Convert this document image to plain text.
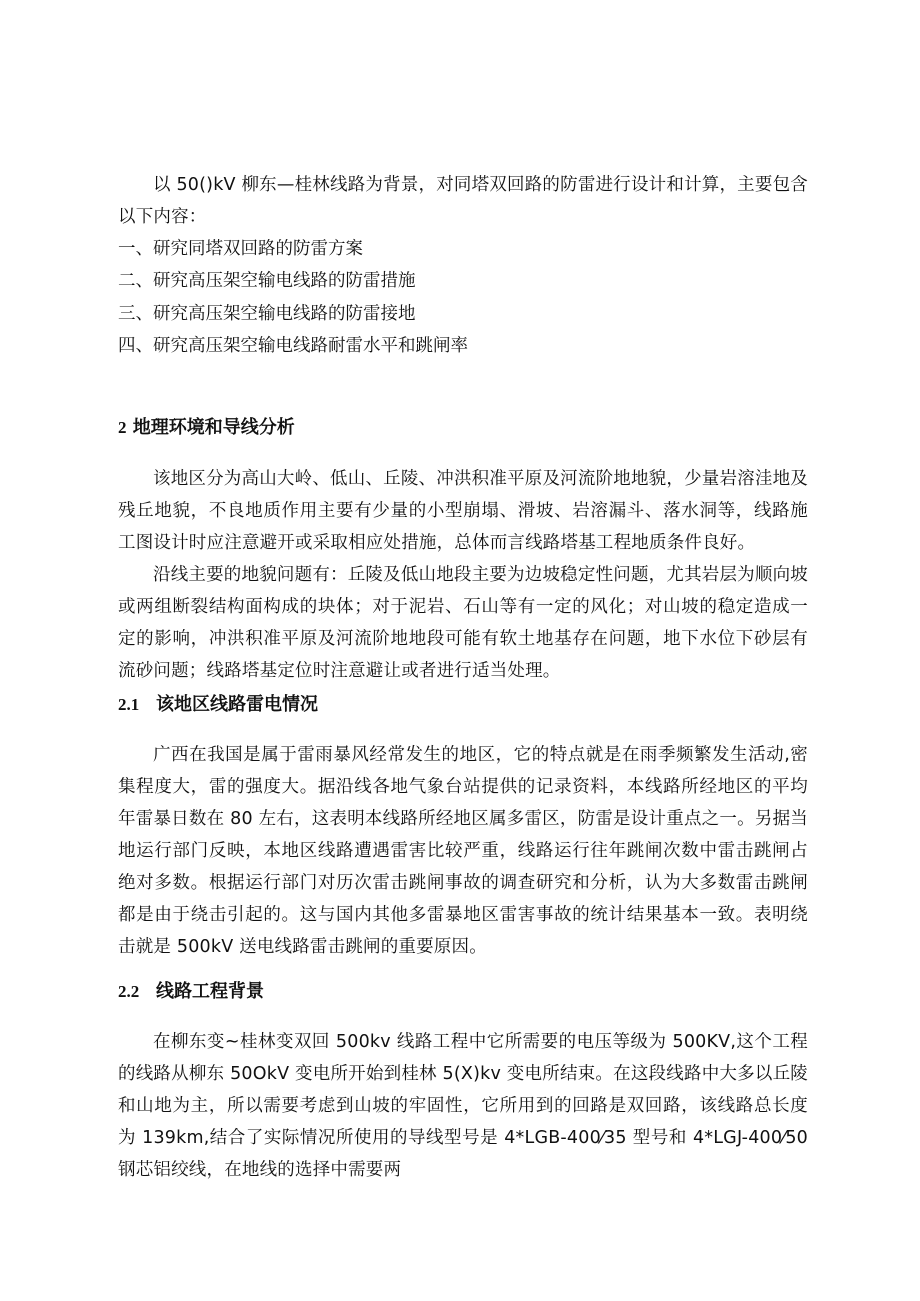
以 50()kV 柳东—桂林线路为背景，对同塔双回路的防雷进行设计和计算，主要包含以下内容：

一、研究同塔双回路的防雷方案

二、研究高压架空输电线路的防雷措施

三、研究高压架空输电线路的防雷接地

四、研究高压架空输电线路耐雷水平和跳闸率

2 地理环境和导线分析

该地区分为高山大岭、低山、丘陵、冲洪积准平原及河流阶地地貌，少量岩溶洼地及残丘地貌，不良地质作用主要有少量的小型崩塌、滑坡、岩溶漏斗、落水洞等，线路施工图设计时应注意避开或采取相应处措施，总体而言线路塔基工程地质条件良好。

沿线主要的地貌问题有：丘陵及低山地段主要为边坡稳定性问题，尤其岩层为顺向坡或两组断裂结构面构成的块体；对于泥岩、石山等有一定的风化；对山坡的稳定造成一定的影响，冲洪积准平原及河流阶地地段可能有软土地基存在问题，地下水位下砂层有流砂问题；线路塔基定位时注意避让或者进行适当处理。

2.1 该地区线路雷电情况

广西在我国是属于雷雨暴风经常发生的地区，它的特点就是在雨季频繁发生活动,密集程度大，雷的强度大。据沿线各地气象台站提供的记录资料，本线路所经地区的平均年雷暴日数在 80 左右，这表明本线路所经地区属多雷区，防雷是设计重点之一。另据当地运行部门反映，本地区线路遭遇雷害比较严重，线路运行往年跳闸次数中雷击跳闸占绝对多数。根据运行部门对历次雷击跳闸事故的调查研究和分析，认为大多数雷击跳闸都是由于绕击引起的。这与国内其他多雷暴地区雷害事故的统计结果基本一致。表明绕击就是 500kV 送电线路雷击跳闸的重要原因。

2.2 线路工程背景

在柳东变~桂林变双回 500kv 线路工程中它所需要的电压等级为 500KV,这个工程的线路从柳东 50OkV 变电所开始到桂林 5(X)kv 变电所结束。在这段线路中大多以丘陵和山地为主，所以需要考虑到山坡的牢固性，它所用到的回路是双回路，该线路总长度为 139km,结合了实际情况所使用的导线型号是 4*LGB-400⁄35 型号和 4*LGJ-400⁄50 钢芯铝绞线，在地线的选择中需要两
